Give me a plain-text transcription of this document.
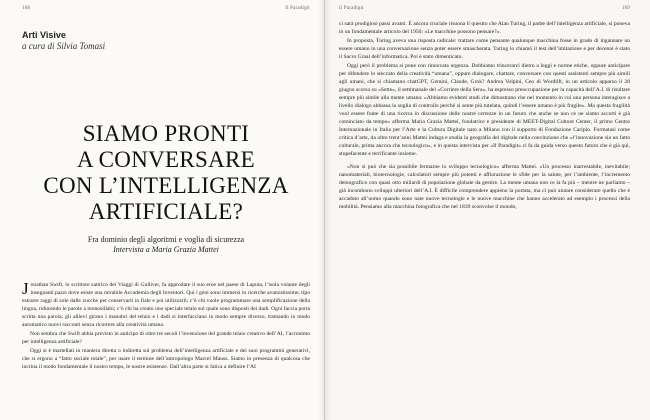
168	Il Paradigit
Arti Visive
a cura di Silvia Tomasi
SIAMO PRONTI
A CONVERSARE
CON L’INTELLIGENZA
ARTIFICIALE?
Fra dominio degli algoritmi e voglia di sicurezza
Intervista a Maria Grazia Mattei

Jonathan Swift, lo scrittore satirico dei Viaggi di Gulliver, fa approdare il suo eroe nel paese di Laputa, l’isola volante degli insegnanti pazzi dove esiste una mirabile Accademia degli Inventori. Qui i geni sono immersi in ricerche avanzatissime, tipo estrarre raggi di sole dalle zucche per conservarli in fiale e poi utilizzarli; c’è chi vuole programmare una semplificazione della lingua, riducendo le parole a monosillabi; c’è chi ha creato uno speciale telaio sul quale sono disposti dei dadi. Ogni faccia porta scritta una parola; gli allievi girano i manubri del telaio e i dadi si interfacciano in modo sempre diverso, tramando in modo automatico nuovi racconti senza ricorrere alla creatività umana.

Non sembra che Swift abbia previsto in anticipo di oltre tre secoli l’invenzione del grande telaio creativo dell’AI, l’acronimo per intelligenza artificiale?

Oggi si è martellati in maniera diretta o indiretta sul problema dell’intelligenza artificiale e dei suoi programmi generativi, che si ergono a “fatto sociale totale”, per usare il termine dell’antropologo Marcel Mauss. Siamo in presenza di qualcosa che incrina il modo fondamentale il nostro tempo, le nostre esistenze. Dall’altra parte si fatica a definire l’AI

Il Paradigit	169

ci sarà prodigiosi passi avanti. È ancora cruciale risuona il quesito che Alan Turing, il padre dell’intelligenza artificiale, si poneva in un fondamentale articolo del 1950: «Le macchine possono pensare?».

In proposta, Turing aveva una risposta radicale: trattare come pensante qualunque macchina fosse in grado di ingannare un essere umano in una conversazione senza poter essere smascherata. Turing lo chiamò il test dell’imitazione e per decenni è stato il Sacro Graal dell’informatica. Poi è stato dimenticato.

Oggi però il problema si pone con rinnovata urgenza. Dobbiamo trincerarci dietro a leggi e norme etiche, oppure anticipare per difendere lo steccato della creatività “umana”, oppure dialogare, chattare, conversare con questi assistenti sempre più simili agli umani, che si chiamano chatGPT, Gemini, Claude, Grok? Andrea Volpini, Ceo di Wordlift, in un articolo apparso il 28 giugno scorso su «Sette», il settimanale del «Corriere della Sera», ha espresso preoccupazione per la capacità dell’A.I. di risultare sempre più simile alla mente umana: «Abbiamo evidenti studi che dimostrano che nel momento in cui una persona interagisce a livello dialogo abbassa la soglia di controllo perché si sente più tutelata, quindi l’essere umano è più fragile». Ma questa fragilità vuol essere fonte di una ricerca in discussione delle nostre certezze in un futuro che anche se non ce ne siamo accorti è già cominciato da tempo» afferma Maria Grazia Mattei, fondatrice e presidente di MEET-Digital Culture Center, il primo Centro Internazionale in Italia per l’Arte e la Cultura Digitale nato a Milano con il supporto di Fondazione Cariplo. Formatasi come critica d’arte, da oltre trent’anni Mattei indaga e studia la geografia del digitale nella convinzione che «l’innovazione sia un fatto culturale, prima ancora che tecnologico», e in questa intervista per «Il Paradigit» ci fa da guida verso questo futuro che è già qui, stupefacente e terrificante insieme.

«Non si può che sia possibile fermarne lo sviluppo tecnologico» afferma Mattei. «Un processo inarrestabile, inevitabile; nanomateriali, biotecnologie, calcolatori sempre più potenti e affiorazione le sfide per la salute, per l’ambiente, l’incremento demografico con quasi otto miliardi di popolazione globale da gestire. La mente umana non ce la fa più – mentre ne parliamo – già incombono sviluppi ulteriori dell’A.I. È difficile comprendere appieno la portata, ma ci può aiutare considerare quello che è accaduto all’uomo quando sono nate nuove tecnologie e le nuove macchine che hanno accelerato ad esempio i processi della mobilità. Pensiamo alla macchina fotografica che nel 1839 sconvolse il mondo,
